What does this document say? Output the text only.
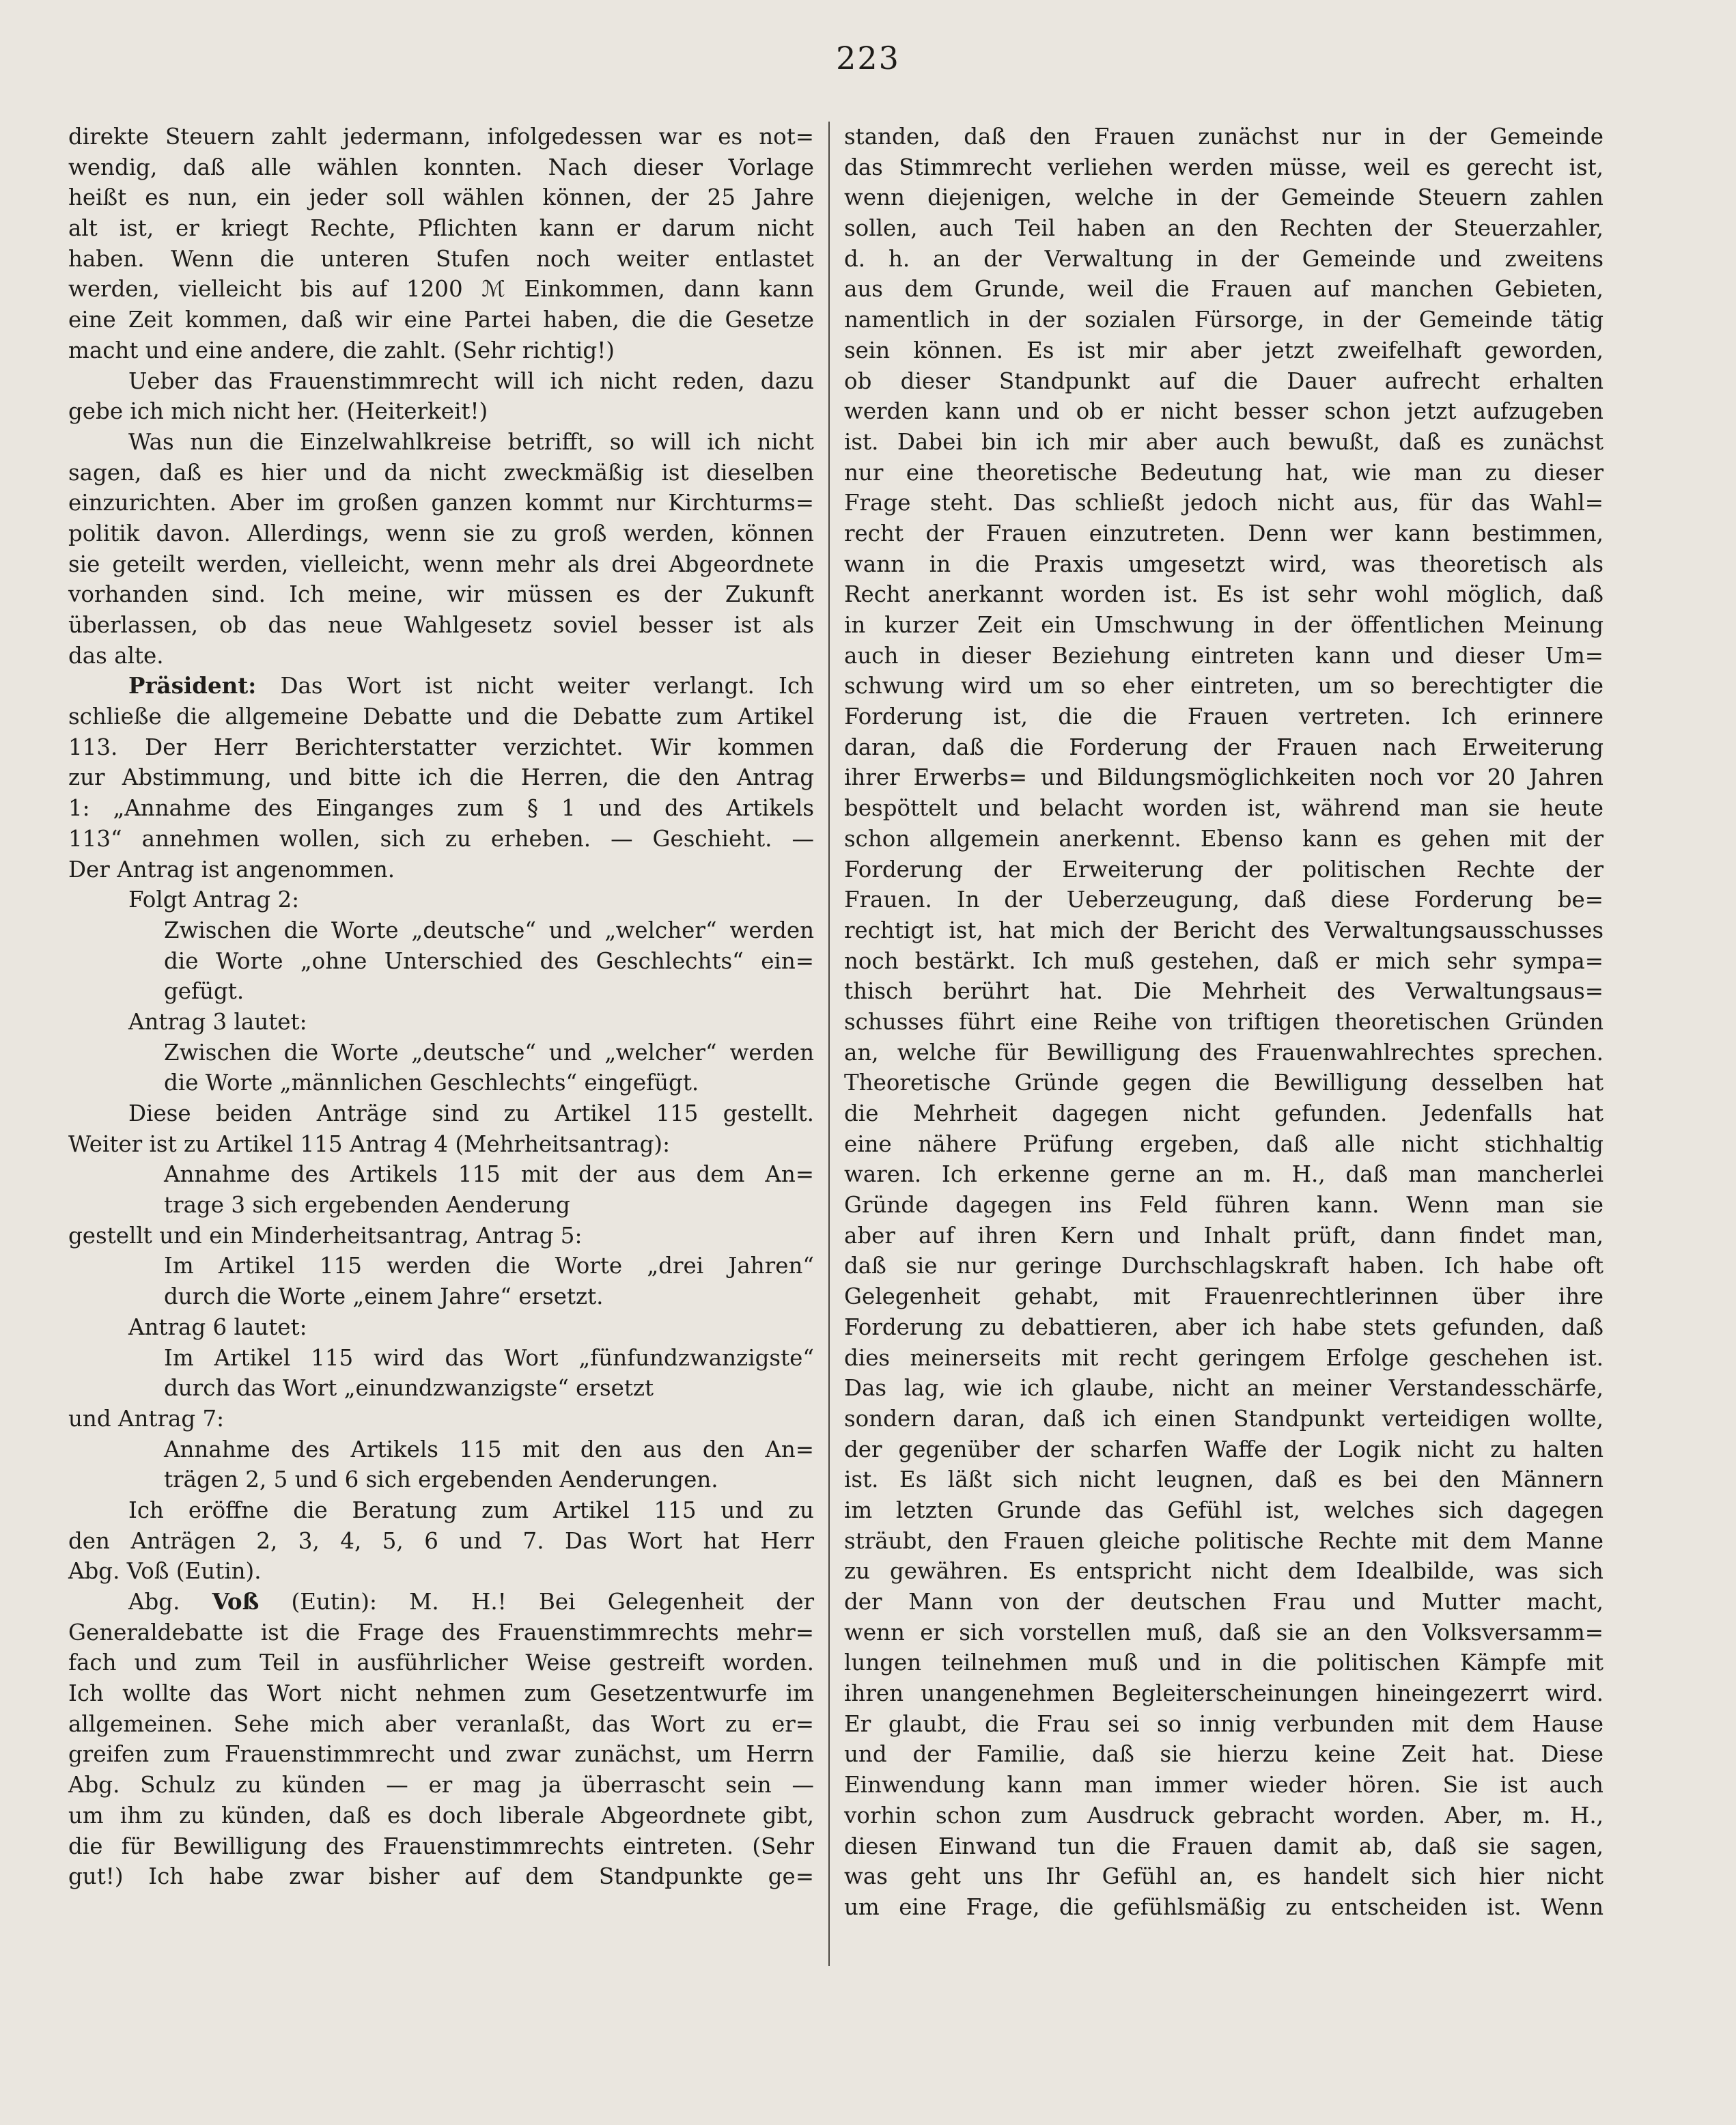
223
direkte Steuern zahlt jedermann, infolgedessen war es not=
wendig, daß alle wählen konnten. Nach dieser Vorlage
heißt es nun, ein jeder soll wählen können, der 25 Jahre
alt ist, er kriegt Rechte, Pflichten kann er darum nicht
haben. Wenn die unteren Stufen noch weiter entlastet
werden, vielleicht bis auf 1200 ℳ Einkommen, dann kann
eine Zeit kommen, daß wir eine Partei haben, die die Gesetze
macht und eine andere, die zahlt. (Sehr richtig!)
Ueber das Frauenstimmrecht will ich nicht reden, dazu
gebe ich mich nicht her. (Heiterkeit!)
Was nun die Einzelwahlkreise betrifft, so will ich nicht
sagen, daß es hier und da nicht zweckmäßig ist dieselben
einzurichten. Aber im großen ganzen kommt nur Kirchturms=
politik davon. Allerdings, wenn sie zu groß werden, können
sie geteilt werden, vielleicht, wenn mehr als drei Abgeordnete
vorhanden sind. Ich meine, wir müssen es der Zukunft
überlassen, ob das neue Wahlgesetz soviel besser ist als
das alte.
Präsident: Das Wort ist nicht weiter verlangt. Ich
schließe die allgemeine Debatte und die Debatte zum Artikel
113. Der Herr Berichterstatter verzichtet. Wir kommen
zur Abstimmung, und bitte ich die Herren, die den Antrag
1: „Annahme des Einganges zum § 1 und des Artikels
113“ annehmen wollen, sich zu erheben. — Geschieht. —
Der Antrag ist angenommen.
Folgt Antrag 2:
Zwischen die Worte „deutsche“ und „welcher“ werden
die Worte „ohne Unterschied des Geschlechts“ ein=
gefügt.
Antrag 3 lautet:
Zwischen die Worte „deutsche“ und „welcher“ werden
die Worte „männlichen Geschlechts“ eingefügt.
Diese beiden Anträge sind zu Artikel 115 gestellt.
Weiter ist zu Artikel 115 Antrag 4 (Mehrheitsantrag):
Annahme des Artikels 115 mit der aus dem An=
trage 3 sich ergebenden Aenderung
gestellt und ein Minderheitsantrag, Antrag 5:
Im Artikel 115 werden die Worte „drei Jahren“
durch die Worte „einem Jahre“ ersetzt.
Antrag 6 lautet:
Im Artikel 115 wird das Wort „fünfundzwanzigste“
durch das Wort „einundzwanzigste“ ersetzt
und Antrag 7:
Annahme des Artikels 115 mit den aus den An=
trägen 2, 5 und 6 sich ergebenden Aenderungen.
Ich eröffne die Beratung zum Artikel 115 und zu
den Anträgen 2, 3, 4, 5, 6 und 7. Das Wort hat Herr
Abg. Voß (Eutin).
Abg. Voß (Eutin): M. H.! Bei Gelegenheit der
Generaldebatte ist die Frage des Frauenstimmrechts mehr=
fach und zum Teil in ausführlicher Weise gestreift worden.
Ich wollte das Wort nicht nehmen zum Gesetzentwurfe im
allgemeinen. Sehe mich aber veranlaßt, das Wort zu er=
greifen zum Frauenstimmrecht und zwar zunächst, um Herrn
Abg. Schulz zu künden — er mag ja überrascht sein —
um ihm zu künden, daß es doch liberale Abgeordnete gibt,
die für Bewilligung des Frauenstimmrechts eintreten. (Sehr
gut!) Ich habe zwar bisher auf dem Standpunkte ge=
standen, daß den Frauen zunächst nur in der Gemeinde
das Stimmrecht verliehen werden müsse, weil es gerecht ist,
wenn diejenigen, welche in der Gemeinde Steuern zahlen
sollen, auch Teil haben an den Rechten der Steuerzahler,
d. h. an der Verwaltung in der Gemeinde und zweitens
aus dem Grunde, weil die Frauen auf manchen Gebieten,
namentlich in der sozialen Fürsorge, in der Gemeinde tätig
sein können. Es ist mir aber jetzt zweifelhaft geworden,
ob dieser Standpunkt auf die Dauer aufrecht erhalten
werden kann und ob er nicht besser schon jetzt aufzugeben
ist. Dabei bin ich mir aber auch bewußt, daß es zunächst
nur eine theoretische Bedeutung hat, wie man zu dieser
Frage steht. Das schließt jedoch nicht aus, für das Wahl=
recht der Frauen einzutreten. Denn wer kann bestimmen,
wann in die Praxis umgesetzt wird, was theoretisch als
Recht anerkannt worden ist. Es ist sehr wohl möglich, daß
in kurzer Zeit ein Umschwung in der öffentlichen Meinung
auch in dieser Beziehung eintreten kann und dieser Um=
schwung wird um so eher eintreten, um so berechtigter die
Forderung ist, die die Frauen vertreten. Ich erinnere
daran, daß die Forderung der Frauen nach Erweiterung
ihrer Erwerbs= und Bildungsmöglichkeiten noch vor 20 Jahren
bespöttelt und belacht worden ist, während man sie heute
schon allgemein anerkennt. Ebenso kann es gehen mit der
Forderung der Erweiterung der politischen Rechte der
Frauen. In der Ueberzeugung, daß diese Forderung be=
rechtigt ist, hat mich der Bericht des Verwaltungsausschusses
noch bestärkt. Ich muß gestehen, daß er mich sehr sympa=
thisch berührt hat. Die Mehrheit des Verwaltungsaus=
schusses führt eine Reihe von triftigen theoretischen Gründen
an, welche für Bewilligung des Frauenwahlrechtes sprechen.
Theoretische Gründe gegen die Bewilligung desselben hat
die Mehrheit dagegen nicht gefunden. Jedenfalls hat
eine nähere Prüfung ergeben, daß alle nicht stichhaltig
waren. Ich erkenne gerne an m. H., daß man mancherlei
Gründe dagegen ins Feld führen kann. Wenn man sie
aber auf ihren Kern und Inhalt prüft, dann findet man,
daß sie nur geringe Durchschlagskraft haben. Ich habe oft
Gelegenheit gehabt, mit Frauenrechtlerinnen über ihre
Forderung zu debattieren, aber ich habe stets gefunden, daß
dies meinerseits mit recht geringem Erfolge geschehen ist.
Das lag, wie ich glaube, nicht an meiner Verstandesschärfe,
sondern daran, daß ich einen Standpunkt verteidigen wollte,
der gegenüber der scharfen Waffe der Logik nicht zu halten
ist. Es läßt sich nicht leugnen, daß es bei den Männern
im letzten Grunde das Gefühl ist, welches sich dagegen
sträubt, den Frauen gleiche politische Rechte mit dem Manne
zu gewähren. Es entspricht nicht dem Idealbilde, was sich
der Mann von der deutschen Frau und Mutter macht,
wenn er sich vorstellen muß, daß sie an den Volksversamm=
lungen teilnehmen muß und in die politischen Kämpfe mit
ihren unangenehmen Begleiterscheinungen hineingezerrt wird.
Er glaubt, die Frau sei so innig verbunden mit dem Hause
und der Familie, daß sie hierzu keine Zeit hat. Diese
Einwendung kann man immer wieder hören. Sie ist auch
vorhin schon zum Ausdruck gebracht worden. Aber, m. H.,
diesen Einwand tun die Frauen damit ab, daß sie sagen,
was geht uns Ihr Gefühl an, es handelt sich hier nicht
um eine Frage, die gefühlsmäßig zu entscheiden ist. Wenn
